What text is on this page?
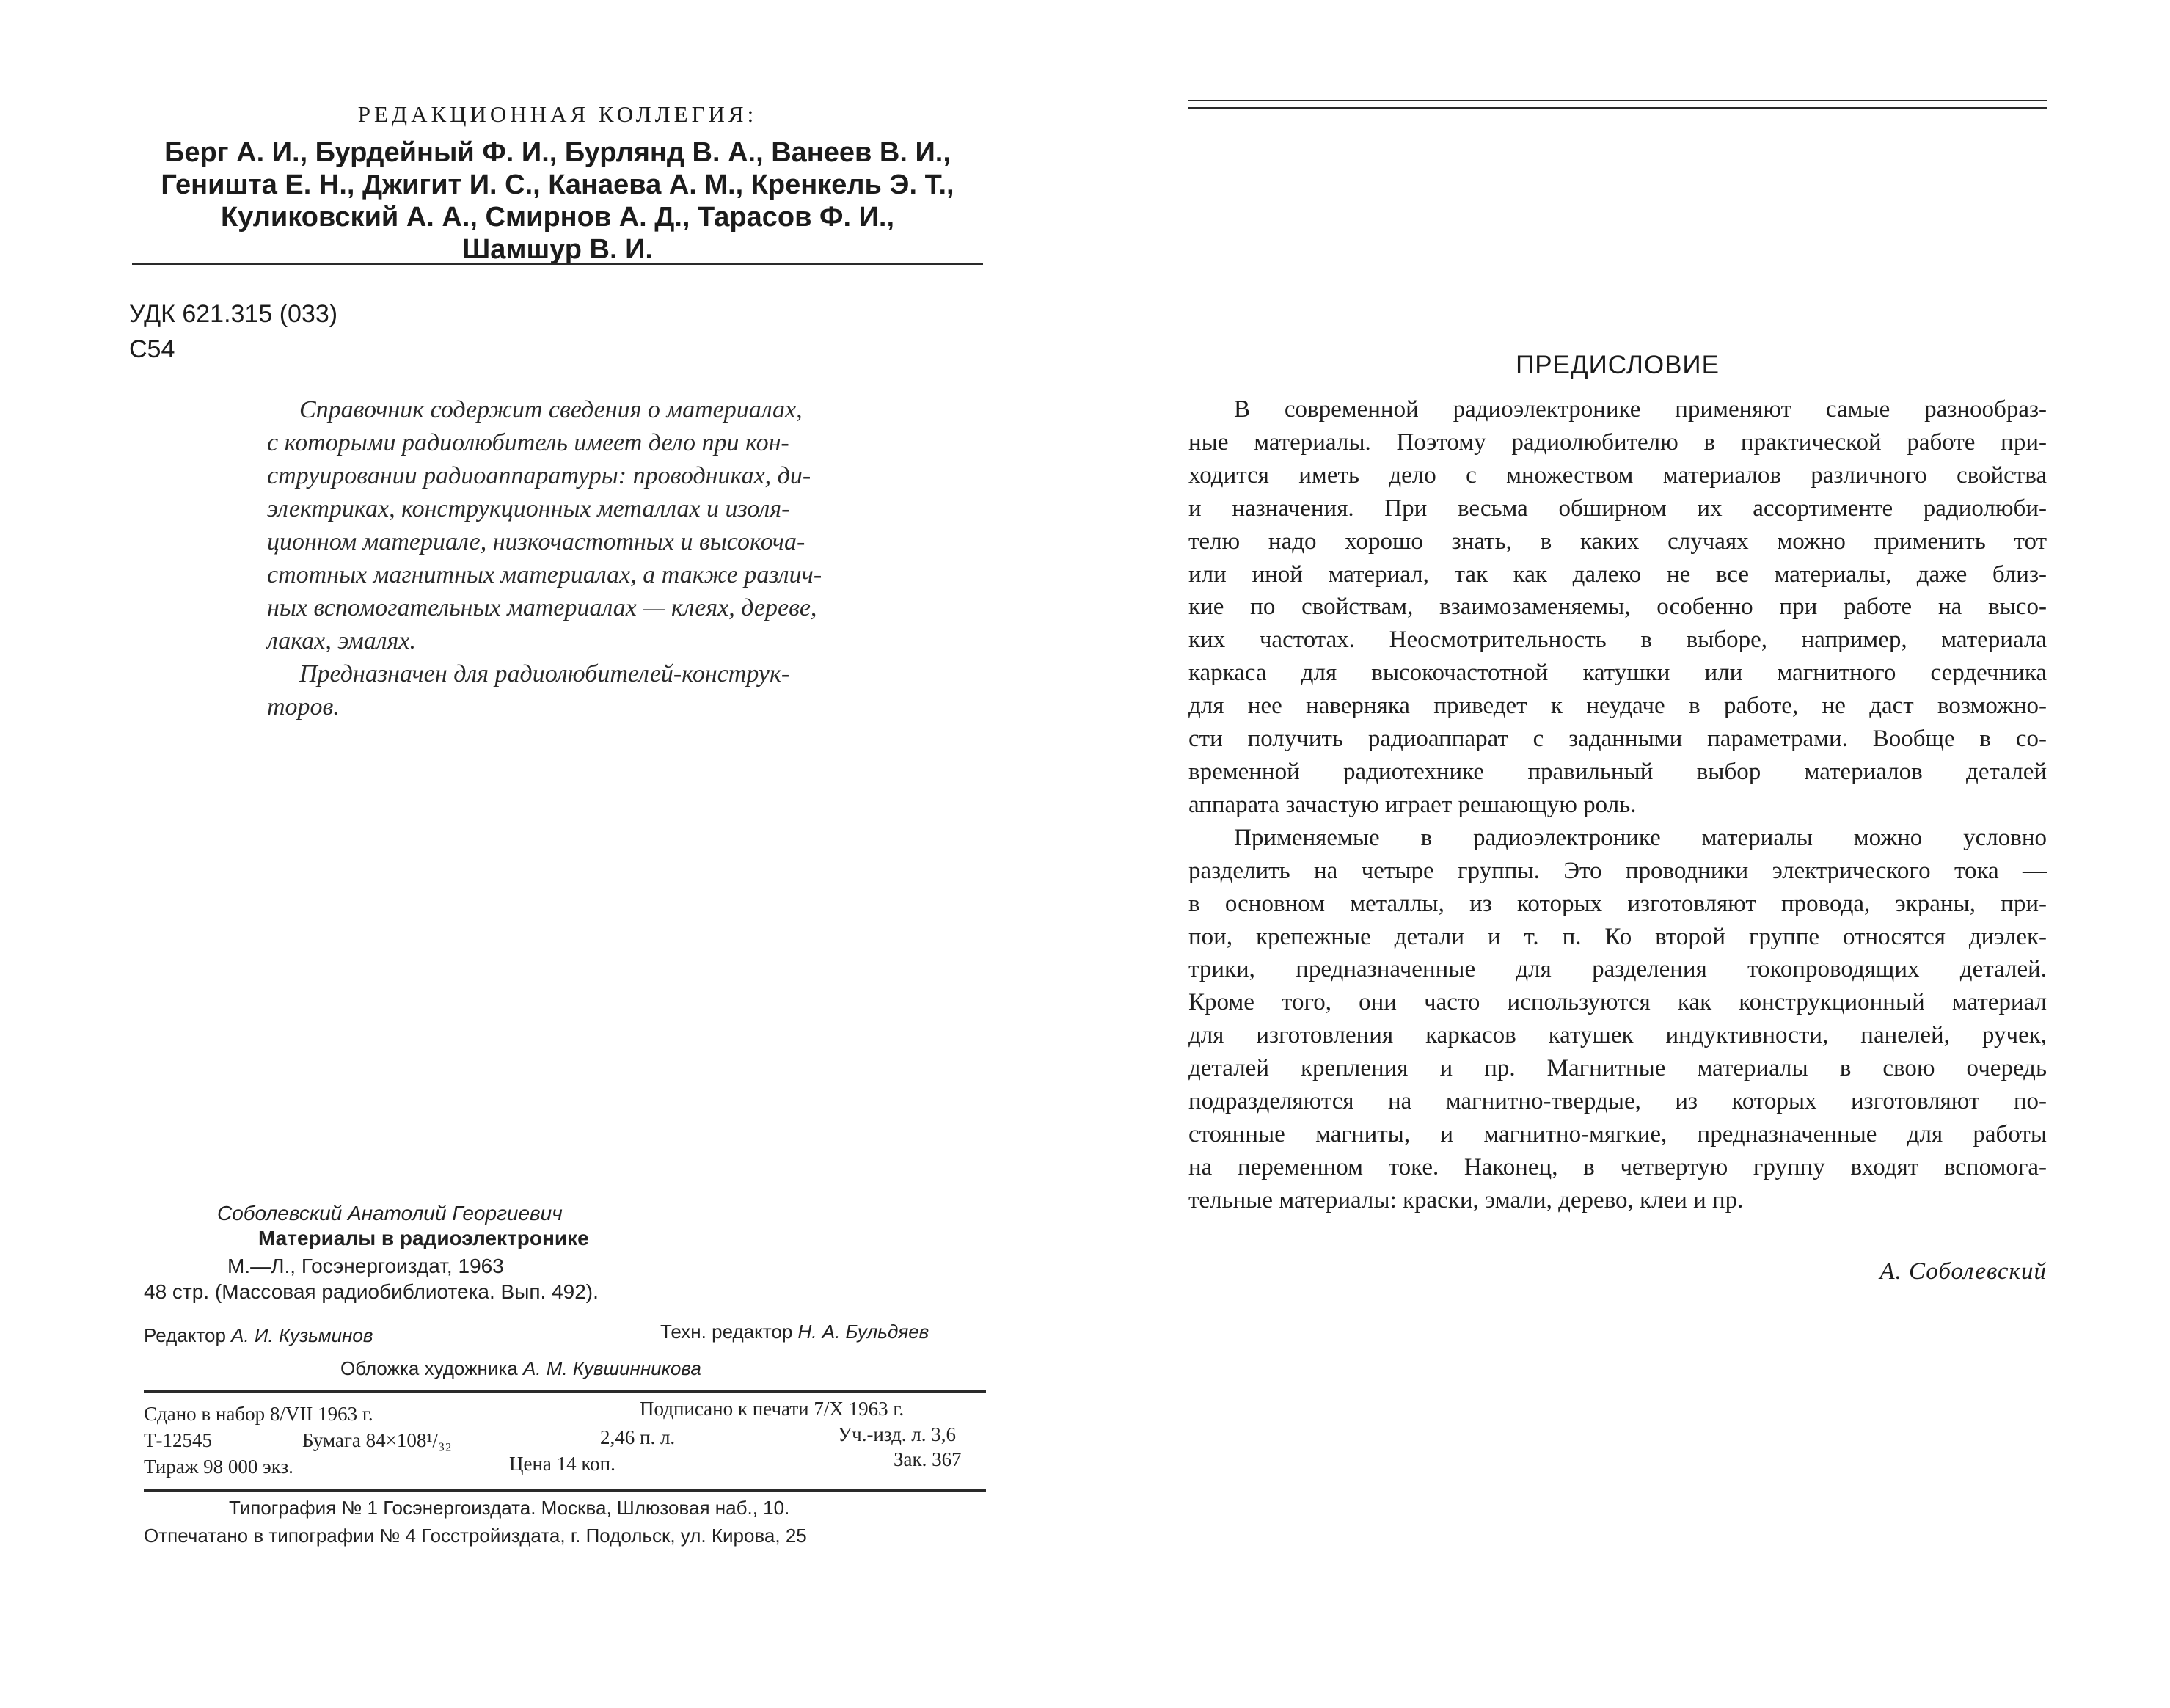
РЕДАКЦИОННАЯ КОЛЛЕГИЯ:
Берг А. И., Бурдейный Ф. И., Бурлянд В. А., Ванеев В. И.,
Геништа Е. Н., Джигит И. С., Канаева А. М., Кренкель Э. Т.,
Куликовский А. А., Смирнов А. Д., Тарасов Ф. И.,
Шамшур В. И.
УДК 621.315 (033)
С54
Справочник содержит сведения о материалах,
с которыми радиолюбитель имеет дело при кон-
струировании радиоаппаратуры: проводниках, ди-
электриках, конструкционных металлах и изоля-
ционном материале, низкочастотных и высокоча-
стотных магнитных материалах, а также различ-
ных вспомогательных материалах — клеях, дереве,
лаках, эмалях.
Предназначен для радиолюбителей-конструк-
торов.
Соболевский Анатолий Георгиевич
Материалы в радиоэлектронике
М.—Л., Госэнергоиздат, 1963
48 стр. (Массовая радиобиблиотека. Вып. 492).
Редактор А. И. Кузьминов	Техн. редактор Н. А. Бульдяев
Обложка художника А. М. Кувшинникова
Сдано в набор 8/VII 1963 г.	Подписано к печати 7/X 1963 г.
Т-12545	Бумага 84×108¹/₃₂	2,46 п. л.	Уч.-изд. л. 3,6
Тираж 98 000 экз.	Цена 14 коп.	Зак. 367
Типография № 1 Госэнергоиздата. Москва, Шлюзовая наб., 10.
Отпечатано в типографии № 4 Госстройиздата, г. Подольск, ул. Кирова, 25
ПРЕДИСЛОВИЕ

В современной радиоэлектронике применяют самые разнообраз-
ные материалы. Поэтому радиолюбителю в практической работе при-
ходится иметь дело с множеством материалов различного свойства
и назначения. При весьма обширном их ассортименте радиолюби-
телю надо хорошо знать, в каких случаях можно применить тот
или иной материал, так как далеко не все материалы, даже близ-
кие по свойствам, взаимозаменяемы, особенно при работе на высо-
ких частотах. Неосмотрительность в выборе, например, материала
каркаса для высокочастотной катушки или магнитного сердечника
для нее наверняка приведет к неудаче в работе, не даст возможно-
сти получить радиоаппарат с заданными параметрами. Вообще в со-
временной радиотехнике правильный выбор материалов деталей
аппарата зачастую играет решающую роль.

Применяемые в радиоэлектронике материалы можно условно
разделить на четыре группы. Это проводники электрического тока —
в основном металлы, из которых изготовляют провода, экраны, при-
пои, крепежные детали и т. п. Ко второй группе относятся диэлек-
трики, предназначенные для разделения токопроводящих деталей.
Кроме того, они часто используются как конструкционный материал
для изготовления каркасов катушек индуктивности, панелей, ручек,
деталей крепления и пр. Магнитные материалы в свою очередь
подразделяются на магнитно-твердые, из которых изготовляют по-
стоянные магниты, и магнитно-мягкие, предназначенные для работы
на переменном токе. Наконец, в четвертую группу входят вспомога-
тельные материалы: краски, эмали, дерево, клеи и пр.

А. Соболевский
